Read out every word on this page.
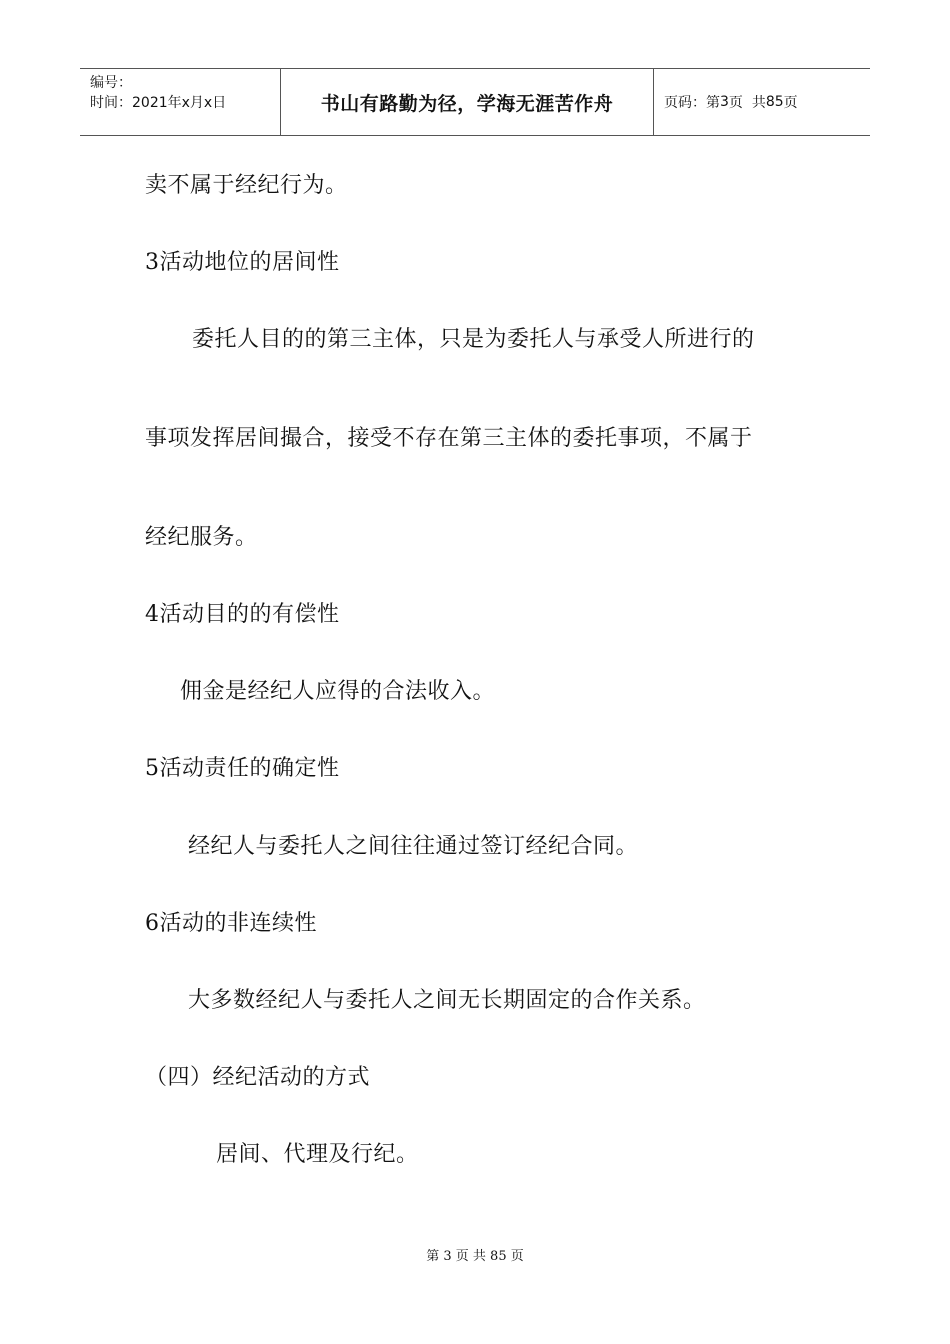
编号：
时间：2021年x月x日	书山有路勤为径，学海无涯苦作舟	页码：第 3 页  共 85 页
卖不属于经纪行为。
3活动地位的居间性
委托人目的的第三主体，只是为委托人与承受人所进行的
事项发挥居间撮合，接受不存在第三主体的委托事项，不属于
经纪服务。
4活动目的的有偿性
佣金是经纪人应得的合法收入。
5活动责任的确定性
经纪人与委托人之间往往通过签订经纪合同。
6活动的非连续性
大多数经纪人与委托人之间无长期固定的合作关系。
（四）经纪活动的方式
居间、代理及行纪。
第 3 页 共 85 页
